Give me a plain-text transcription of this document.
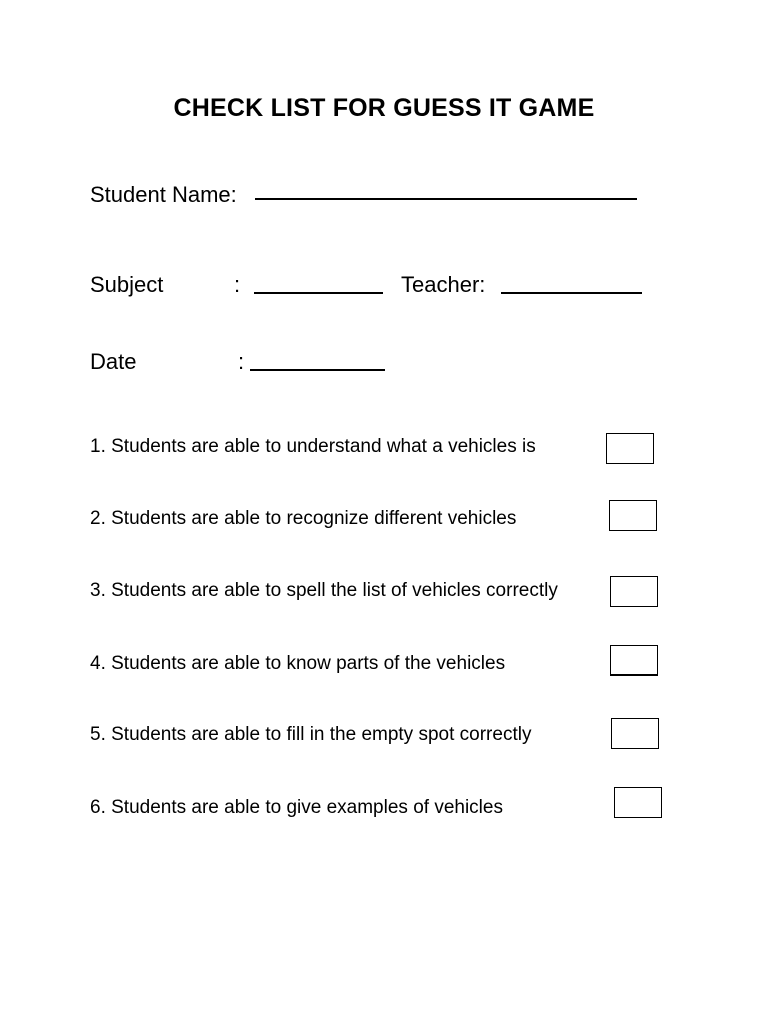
CHECK LIST FOR GUESS IT GAME
Student Name:
Subject	:	Teacher:
Date	:
1. Students are able to understand what a vehicles is
2. Students are able to recognize different vehicles
3. Students are able to spell the list of vehicles correctly
4. Students are able to know parts of the vehicles
5. Students are able to fill in the empty spot correctly
6. Students are able to give examples of vehicles
